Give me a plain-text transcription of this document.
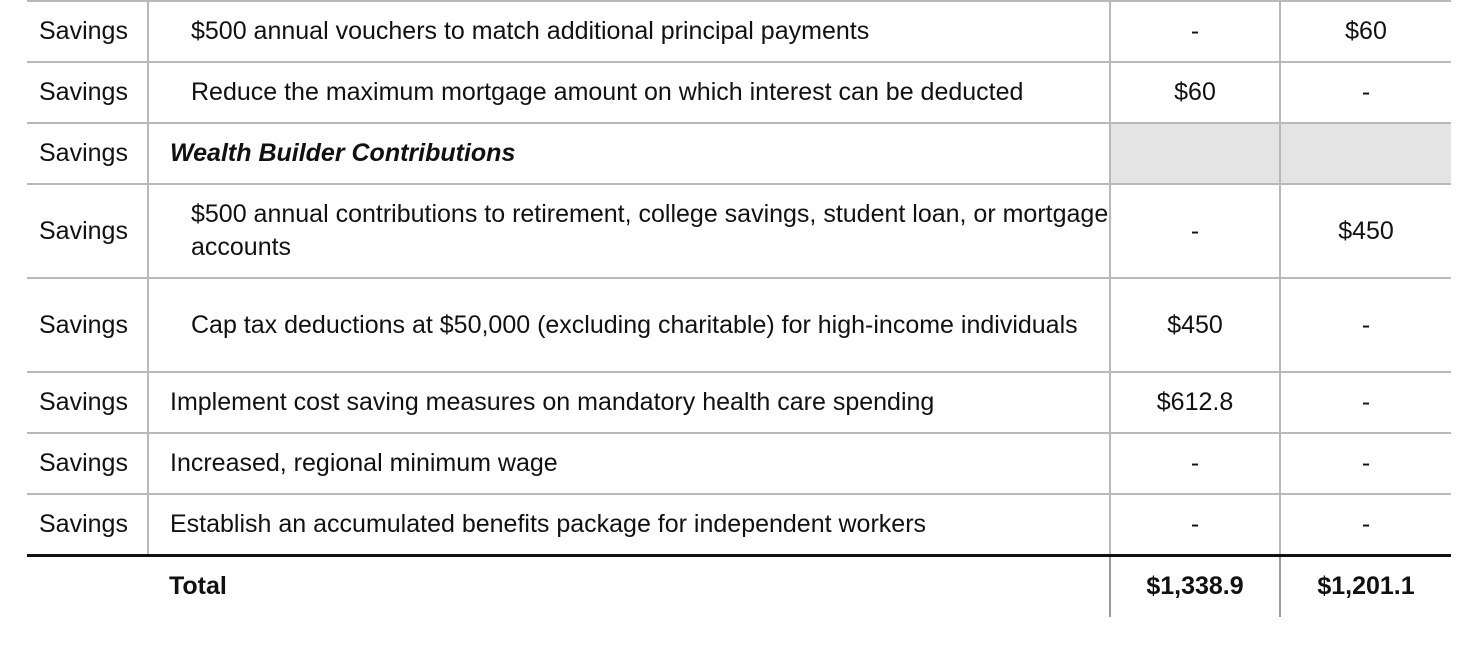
Savings	$500 annual vouchers to match additional principal payments	-	$60
Savings	Reduce the maximum mortgage amount on which interest can be deducted	$60	-
Savings	Wealth Builder Contributions		
Savings	$500 annual contributions to retirement, college savings, student loan, or mortgage accounts	-	$450
Savings	Cap tax deductions at $50,000 (excluding charitable) for high-income individuals	$450	-
Savings	Implement cost saving measures on mandatory health care spending	$612.8	-
Savings	Increased, regional minimum wage	-	-
Savings	Establish an accumulated benefits package for independent workers	-	-
	Total	$1,338.9	$1,201.1
